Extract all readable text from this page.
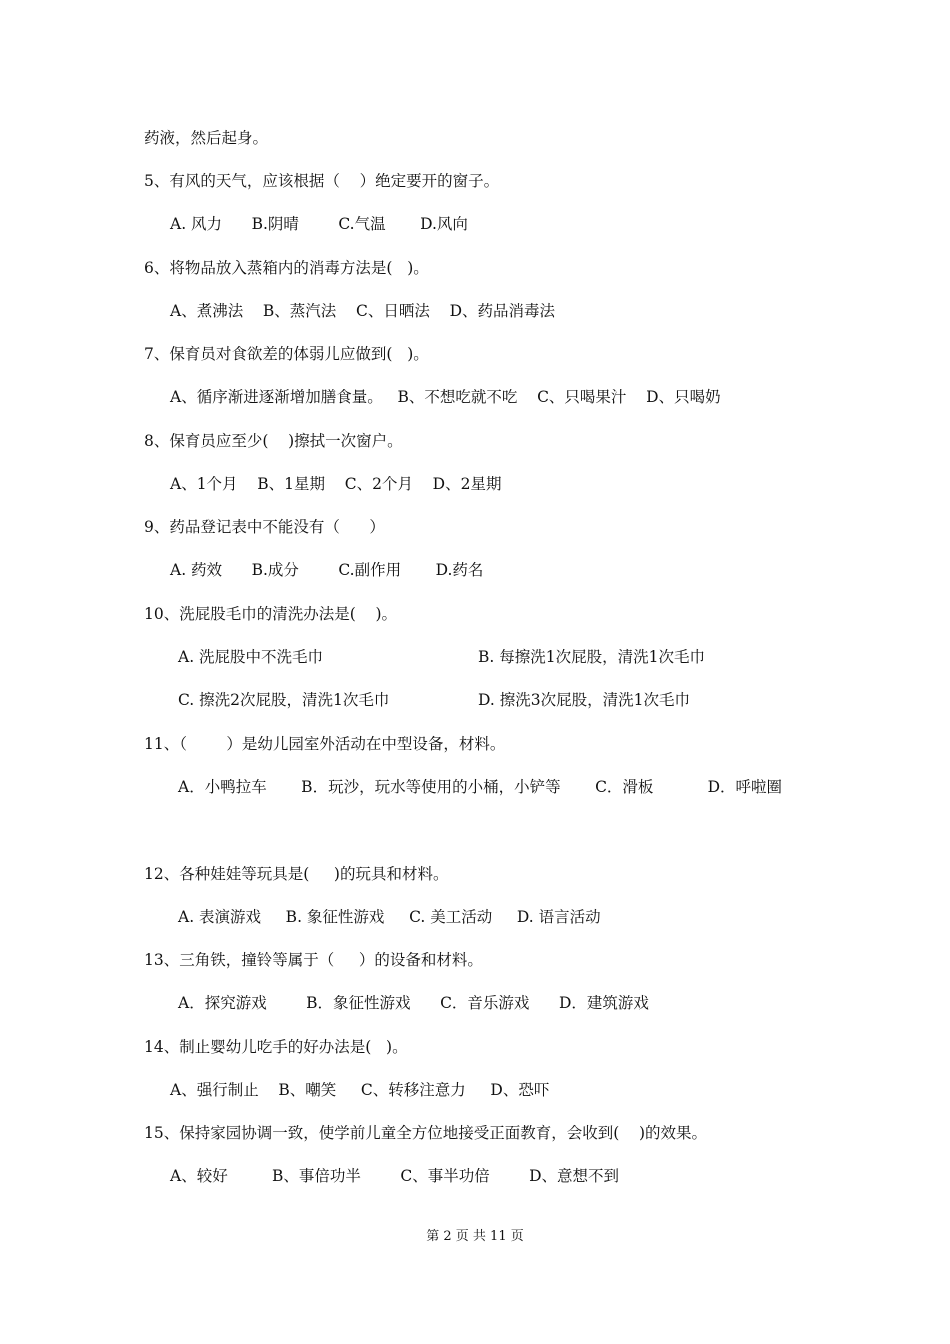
药液，然后起身。
5、有风的天气，应该根据（    ）绝定要开的窗子。
A. 风力      B.阴晴        C.气温       D.风向
6、将物品放入蒸箱内的消毒方法是(   )。
A、煮沸法    B、蒸汽法    C、日晒法    D、药品消毒法
7、保育员对食欲差的体弱儿应做到(   )。
A、循序渐进逐渐增加膳食量。   B、不想吃就不吃    C、只喝果汁    D、只喝奶
8、保育员应至少(    )擦拭一次窗户。
A、1个月    B、1星期    C、2个月    D、2星期
9、药品登记表中不能没有（      ）
A. 药效      B.成分        C.副作用       D.药名
10、洗屁股毛巾的清洗办法是(    )。
A. 洗屁股中不洗毛巾	B. 每擦洗1次屁股，清洗1次毛巾
C. 擦洗2次屁股，清洗1次毛巾	D. 擦洗3次屁股，清洗1次毛巾
11、（        ）是幼儿园室外活动在中型设备，材料。
A．小鸭拉车       B．玩沙，玩水等使用的小桶，小铲等       C．滑板           D．呼啦圈
12、各种娃娃等玩具是(     )的玩具和材料。
A. 表演游戏     B. 象征性游戏     C. 美工活动     D. 语言活动
13、三角铁，撞铃等属于（     ）的设备和材料。
A．探究游戏        B．象征性游戏      C．音乐游戏      D．建筑游戏
14、制止婴幼儿吃手的好办法是(   )。
A、强行制止    B、嘲笑     C、转移注意力     D、恐吓
15、保持家园协调一致，使学前儿童全方位地接受正面教育，会收到(    )的效果。
A、较好         B、事倍功半        C、事半功倍        D、意想不到
第 2 页 共 11 页
